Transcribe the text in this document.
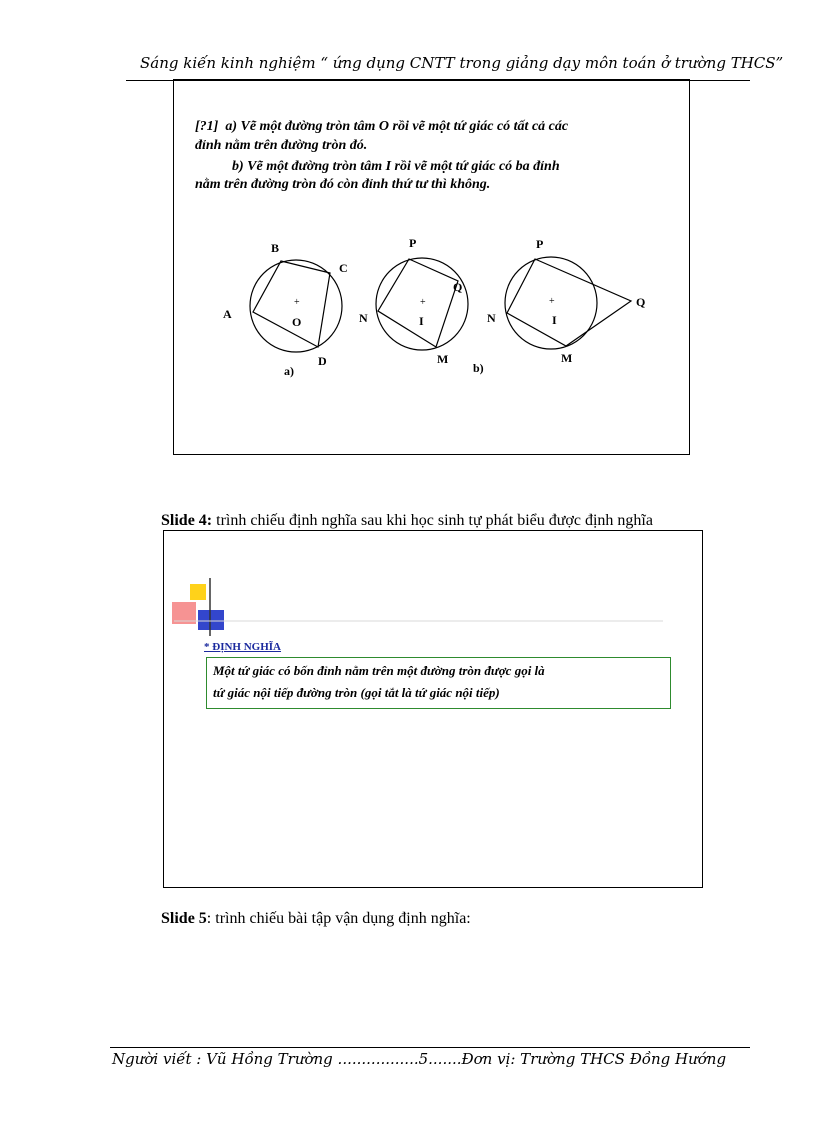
Sáng kiến kinh nghiệm “ ứng dụng CNTT trong giảng dạy môn toán ở trường THCS”
[?1] a) Vẽ một đường tròn tâm O rồi vẽ một tứ giác có tất cả các
đỉnh nằm trên đường tròn đó.
b) Vẽ một đường tròn tâm I rồi vẽ một tứ giác có ba đỉnh
nằm trên đường tròn đó còn đỉnh thứ tư thì không.
+
B
C
A
O
D
a)
+
P
Q
N	I
M
b)
+
P
Q
N	I
M
Slide 4: trình chiếu định nghĩa sau khi học sinh tự phát biểu được định nghĩa
* ĐỊNH NGHĨA
Một tứ giác có bốn đỉnh nằm trên một đường tròn được gọi là
tứ giác nội tiếp đường tròn (gọi tắt là tứ giác nội tiếp)
Slide 5: trình chiếu bài tập vận dụng định nghĩa:
Người viết : Vũ Hồng Trường .................5.......Đơn vị: Trường THCS Đồng Hướng
